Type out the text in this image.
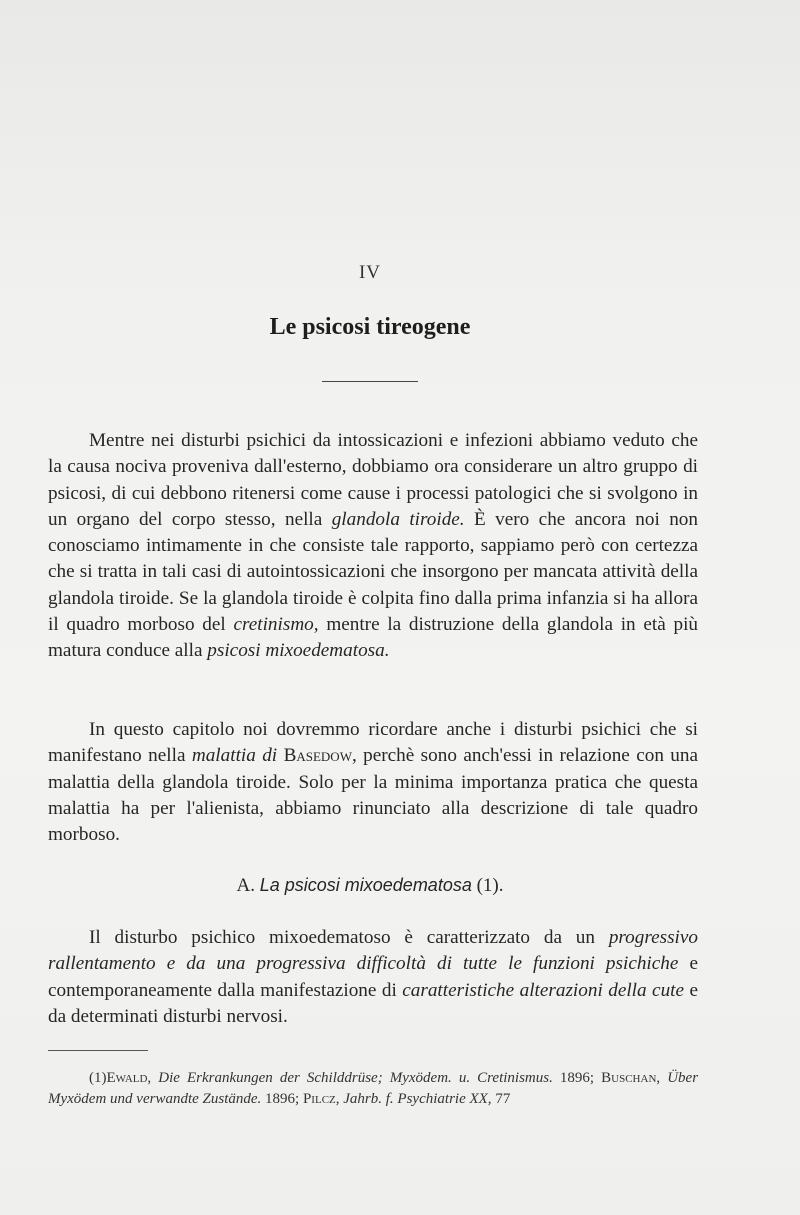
IV
Le psicosi tireogene

Mentre nei disturbi psichici da intossicazioni e infezioni abbiamo veduto che la causa nociva proveniva dall'esterno, dobbiamo ora considerare un altro gruppo di psicosi, di cui debbono ritenersi come cause i processi patologici che si svolgono in un organo del corpo stesso, nella glandola tiroide. È vero che ancora noi non conosciamo intimamente in che consiste tale rapporto, sappiamo però con certezza che si tratta in tali casi di autointossicazioni che insorgono per mancata attività della glandola tiroide. Se la glandola tiroide è colpita fino dalla prima infanzia si ha allora il quadro morboso del cretinismo, mentre la distruzione della glandola in età più matura conduce alla psicosi mixoedematosa.

In questo capitolo noi dovremmo ricordare anche i disturbi psichici che si manifestano nella malattia di Basedow, perchè sono anch'essi in relazione con una malattia della glandola tiroide. Solo per la minima importanza pratica che questa malattia ha per l'alienista, abbiamo rinunciato alla descrizione di tale quadro morboso.

A. La psicosi mixoedematosa (1).

Il disturbo psichico mixoedematoso è caratterizzato da un progressivo rallentamento e da una progressiva difficoltà di tutte le funzioni psichiche e contemporaneamente dalla manifestazione di caratteristiche alterazioni della cute e da determinati disturbi nervosi.

(1)Ewald, Die Erkrankungen der Schilddrüse; Myxödem. u. Cretinismus. 1896; Buschan, Über Myxödem und verwandte Zustände. 1896; Pilcz, Jahrb. f. Psychiatrie XX, 77
